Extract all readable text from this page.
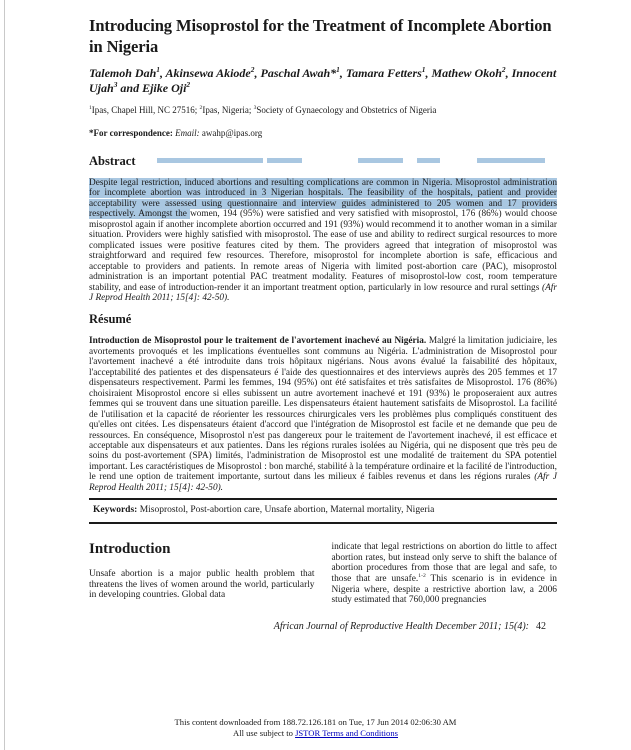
Introducing Misoprostol for the Treatment of Incomplete Abortion
in Nigeria

Talemoh Dah$^1$, Akinsewa Akiode$^2$, Paschal Awah*$^1$, Tamara Fetters$^1$, Mathew Okoh$^2$, Innocent Ujah$^3$ and Ejike Oji$^2$

$^1$Ipas, Chapel Hill, NC 27516; $^2$Ipas, Nigeria; $^3$Society of Gynaecology and Obstetrics of Nigeria

*For correspondence: Email: awahp@ipas.org

Abstract

Despite legal restriction, induced abortions and resulting complications are common in Nigeria. Misoprostol administration for incomplete abortion was introduced in 3 Nigerian hospitals. The feasibility of the hospitals, patient and provider acceptability were assessed using questionnaire and interview guides administered to 205 women and 17 providers respectively. Amongst the women, 194 (95%) were satisfied and very satisfied with misoprostol, 176 (86%) would choose misoprostol again if another incomplete abortion occurred and 191 (93%) would recommend it to another woman in a similar situation. Providers were highly satisfied with misoprostol. The ease of use and ability to redirect surgical resources to more complicated issues were positive features cited by them. The providers agreed that integration of misoprostol was straightforward and required few resources. Therefore, misoprostol for incomplete abortion is safe, efficacious and acceptable to providers and patients. In remote areas of Nigeria with limited post-abortion care (PAC), misoprostol administration is an important potential PAC treatment modality. Features of misoprostol-low cost, room temperature stability, and ease of introduction-render it an important treatment option, particularly in low resource and rural settings (Afr J Reprod Health 2011; 15[4]: 42-50).

Résumé

Introduction de Misoprostol pour le traitement de l'avortement inachevé au Nigéria. Malgré la limitation judiciaire, les avortements provoqués et les implications éventuelles sont communs au Nigéria. L'administration de Misoprostol pour l'avortement inachevé a été introduite dans trois hôpitaux nigérians. Nous avons évalué la faisabilité des hôpitaux, l'acceptabilité des patientes et des dispensateurs é l'aide des questionnaires et des interviews auprès des 205 femmes et 17 dispensateurs respectivement. Parmi les femmes, 194 (95%) ont été satisfaites et très satisfaites de Misoprostol. 176 (86%) choisiraient Misoprostol encore si elles subissent un autre avortement inachevé et 191 (93%) le proposeraient aux autres femmes qui se trouvent dans une situation pareille. Les dispensateurs étaient hautement satisfaits de Misoprostol. La facilité de l'utilisation et la capacité de réorienter les ressources chirurgicales vers les problèmes plus compliqués constituent des qu'elles ont citées. Les dispensateurs étaient d'accord que l'intégration de Misoprostol est facile et ne demande que peu de ressources. En conséquence, Misoprostol n'est pas dangereux pour le traitement de l'avortement inachevé, il est efficace et acceptable aux dispensateurs et aux patientes. Dans les régions rurales isolées au Nigéria, qui ne disposent que très peu de soins du post-avortement (SPA) limités, l'administration de Misoprostol est une modalité de traitement du SPA potentiel important. Les caractéristiques de Misoprostol : bon marché, stabilité à la température ordinaire et la facilité de l'introduction, le rend une option de traitement importante, surtout dans les milieux é faibles revenus et dans les régions rurales (Afr J Reprod Health 2011; 15[4]: 42-50).

Keywords: Misoprostol, Post-abortion care, Unsafe abortion, Maternal mortality, Nigeria
Introduction

Unsafe abortion is a major public health problem that threatens the lives of women around the world, particularly in developing countries. Global data

indicate that legal restrictions on abortion do little to affect abortion rates, but instead only serve to shift the balance of abortion procedures from those that are legal and safe, to those that are unsafe.$^{1-2}$ This scenario is in evidence in Nigeria where, despite a restrictive abortion law, a 2006 study estimated that 760,000 pregnancies

African Journal of Reproductive Health December 2011; 15(4): 42

This content downloaded from 188.72.126.181 on Tue, 17 Jun 2014 02:06:30 AM
All use subject to JSTOR Terms and Conditions
